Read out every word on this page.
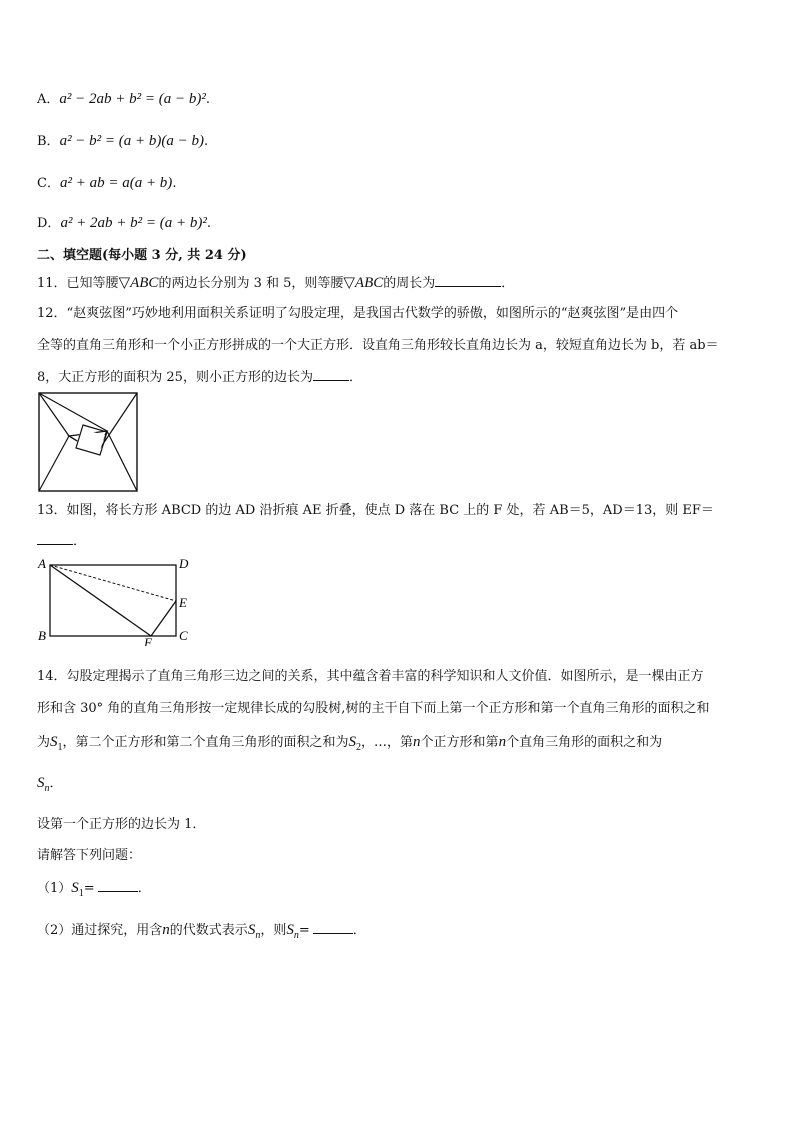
A．a² − 2ab + b² = (a − b)².
B．a² − b² = (a + b)(a − b).
C．a² + ab = a(a + b).
D．a² + 2ab + b² = (a + b)².
二、填空题(每小题 3 分, 共 24 分)
11．已知等腰▽ABC的两边长分别为 3 和 5，则等腰▽ABC的周长为	．
12．“赵爽弦图”巧妙地利用面积关系证明了勾股定理，是我国古代数学的骄傲，如图所示的“赵爽弦图”是由四个
全等的直角三角形和一个小正方形拼成的一个大正方形．设直角三角形较长直角边长为 a，较短直角边长为 b，若 ab＝
8，大正方形的面积为 25，则小正方形的边长为	．
13．如图，将长方形 ABCD 的边 AD 沿折痕 AE 折叠，使点 D 落在 BC 上的 F 处，若 AB＝5，AD＝13，则 EF＝
．
A	D
E
B	F C
14．勾股定理揭示了直角三角形三边之间的关系，其中蕴含着丰富的科学知识和人文价值．如图所示，是一棵由正方
形和含 30° 角的直角三角形按一定规律长成的勾股树,树的主干自下而上第一个正方形和第一个直角三角形的面积之和
为$S_1$，第二个正方形和第二个直角三角形的面积之和为$S_2$，…，第n个正方形和第n个直角三角形的面积之和为
$S_n$．
设第一个正方形的边长为 1．
请解答下列问题：
$(1)S_1=$	．
（2）通过探究，用含n的代数式表示$S_n$，则$S_n=$	．
